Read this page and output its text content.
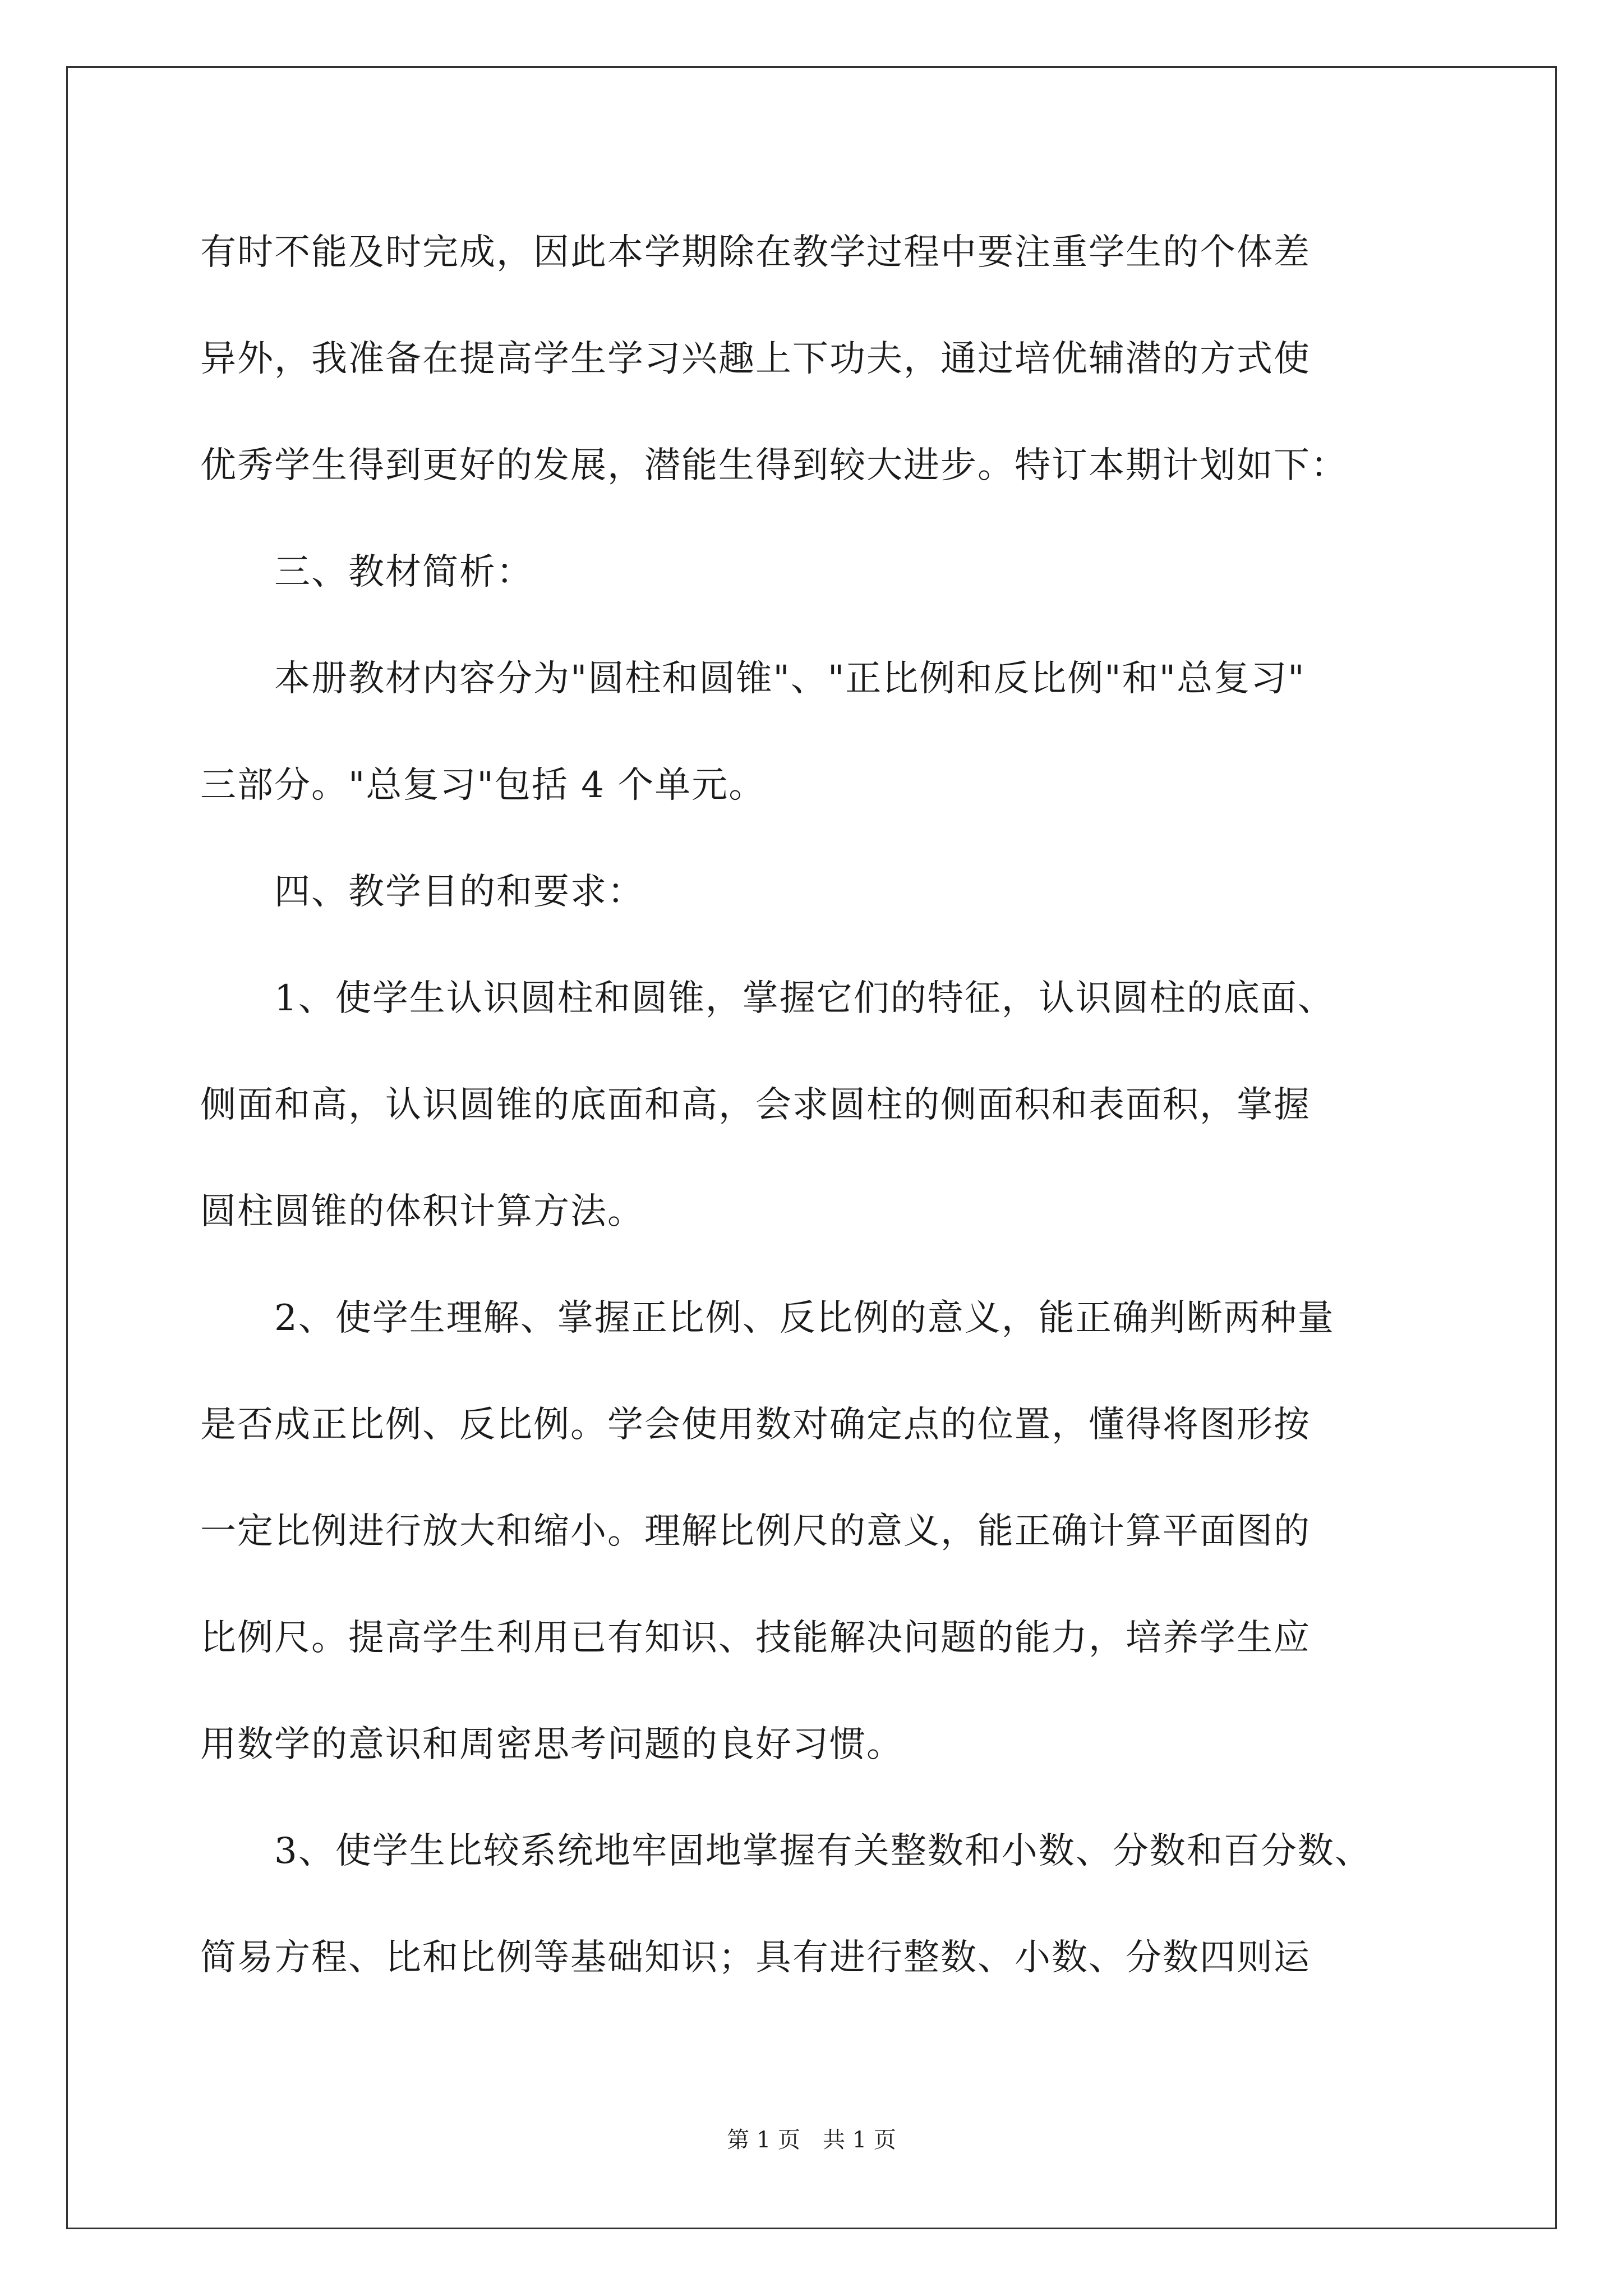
有时不能及时完成，因此本学期除在教学过程中要注重学生的个体差
异外，我准备在提高学生学习兴趣上下功夫，通过培优辅潜的方式使
优秀学生得到更好的发展，潜能生得到较大进步。特订本期计划如下：
　　三、教材简析：
　　本册教材内容分为"圆柱和圆锥"、"正比例和反比例"和"总复习"
三部分。"总复习"包括 4 个单元。
　　四、教学目的和要求：
　　1、使学生认识圆柱和圆锥，掌握它们的特征，认识圆柱的底面、
侧面和高，认识圆锥的底面和高，会求圆柱的侧面积和表面积，掌握
圆柱圆锥的体积计算方法。
　　2、使学生理解、掌握正比例、反比例的意义，能正确判断两种量
是否成正比例、反比例。学会使用数对确定点的位置，懂得将图形按
一定比例进行放大和缩小。理解比例尺的意义，能正确计算平面图的
比例尺。提高学生利用已有知识、技能解决问题的能力，培养学生应
用数学的意识和周密思考问题的良好习惯。
　　3、使学生比较系统地牢固地掌握有关整数和小数、分数和百分数、
简易方程、比和比例等基础知识；具有进行整数、小数、分数四则运
第 1 页　共 1 页
